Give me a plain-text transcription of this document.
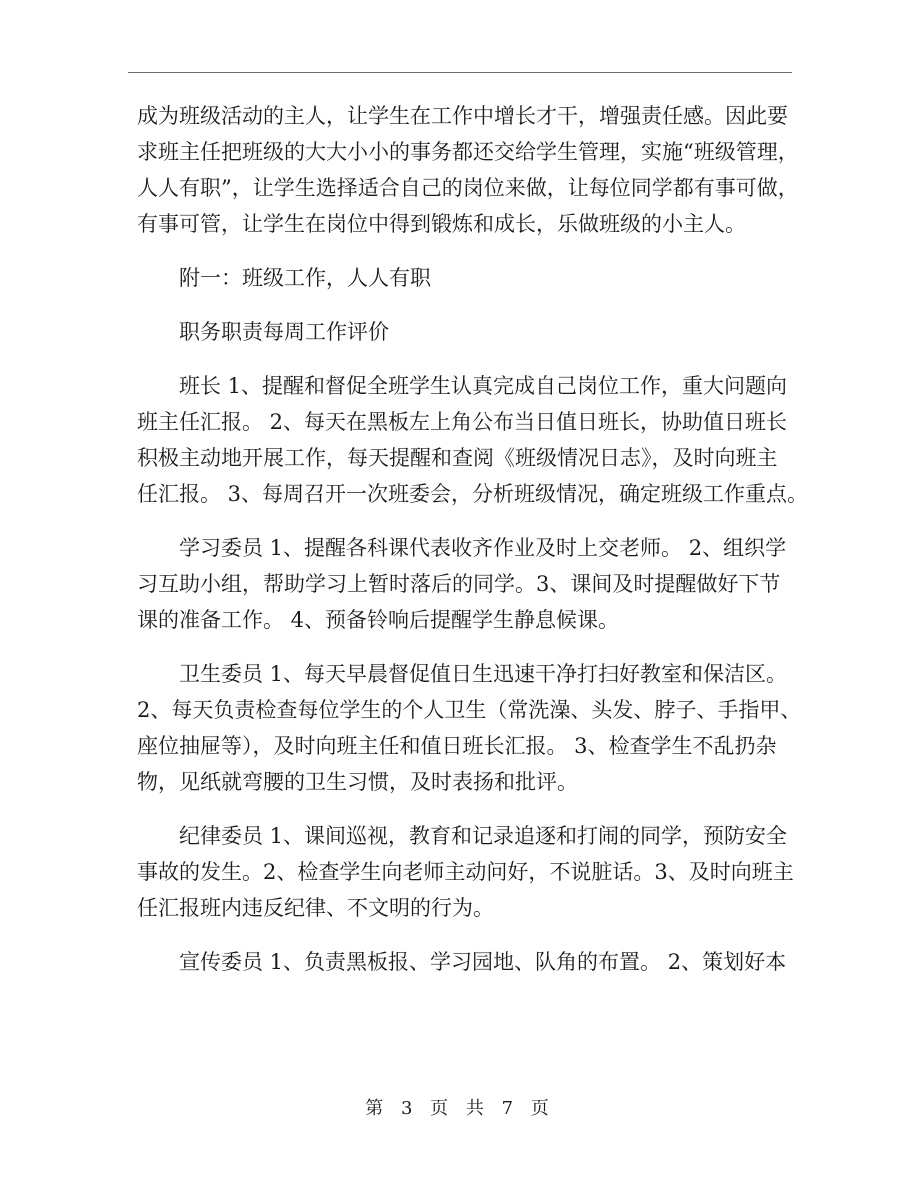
成为班级活动的主人，让学生在工作中增长才干，增强责任感。因此要
求班主任把班级的大大小小的事务都还交给学生管理，实施“班级管理，
人人有职”，让学生选择适合自己的岗位来做，让每位同学都有事可做，
有事可管，让学生在岗位中得到锻炼和成长，乐做班级的小主人。

附一：班级工作，人人有职

职务职责每周工作评价

班长 1、提醒和督促全班学生认真完成自己岗位工作，重大问题向
班主任汇报。 2、每天在黑板左上角公布当日值日班长，协助值日班长
积极主动地开展工作，每天提醒和查阅《班级情况日志》，及时向班主
任汇报。 3、每周召开一次班委会，分析班级情况，确定班级工作重点。

学习委员 1、提醒各科课代表收齐作业及时上交老师。 2、组织学
习互助小组，帮助学习上暂时落后的同学。3、课间及时提醒做好下节
课的准备工作。 4、预备铃响后提醒学生静息候课。

卫生委员 1、每天早晨督促值日生迅速干净打扫好教室和保洁区。
2、每天负责检查每位学生的个人卫生（常洗澡、头发、脖子、手指甲、
座位抽屉等），及时向班主任和值日班长汇报。 3、检查学生不乱扔杂
物，见纸就弯腰的卫生习惯，及时表扬和批评。

纪律委员 1、课间巡视，教育和记录追逐和打闹的同学，预防安全
事故的发生。2、检查学生向老师主动问好，不说脏话。3、及时向班主
任汇报班内违反纪律、不文明的行为。

宣传委员 1、负责黑板报、学习园地、队角的布置。 2、策划好本

第 3 页 共 7 页
